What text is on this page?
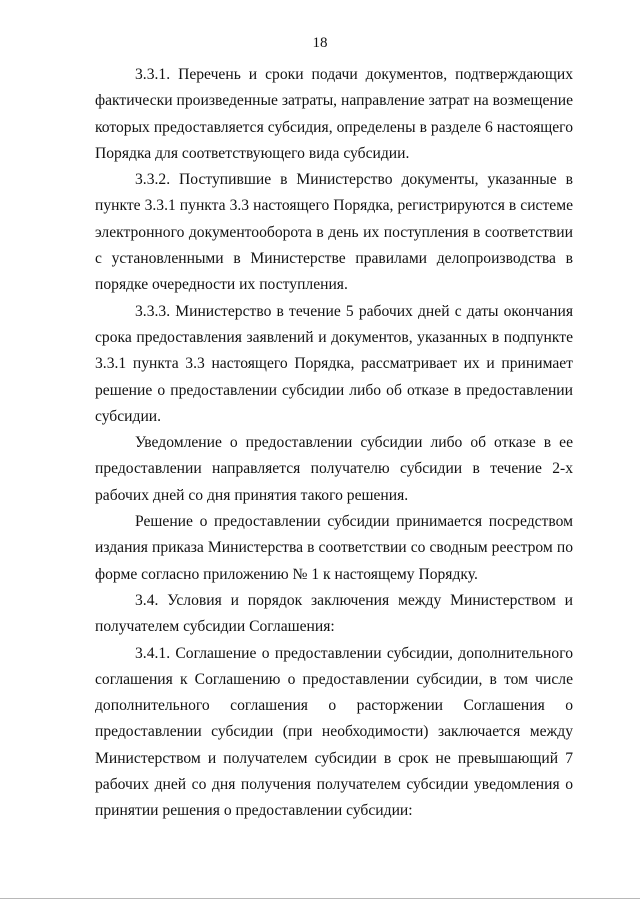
18

3.3.1. Перечень и сроки подачи документов, подтверждающих фактически произведенные затраты, направление затрат на возмещение которых предоставляется субсидия, определены в разделе 6 настоящего Порядка для соответствующего вида субсидии.

3.3.2. Поступившие в Министерство документы, указанные в пункте 3.3.1 пункта 3.3 настоящего Порядка, регистрируются в системе электронного документооборота в день их поступления в соответствии с установленными в Министерстве правилами делопроизводства в порядке очередности их поступления.

3.3.3. Министерство в течение 5 рабочих дней с даты окончания срока предоставления заявлений и документов, указанных в подпункте 3.3.1 пункта 3.3 настоящего Порядка, рассматривает их и принимает решение о предоставлении субсидии либо об отказе в предоставлении субсидии.

Уведомление о предоставлении субсидии либо об отказе в ее предоставлении направляется получателю субсидии в течение 2-х рабочих дней со дня принятия такого решения.

Решение о предоставлении субсидии принимается посредством издания приказа Министерства в соответствии со сводным реестром по форме согласно приложению № 1 к настоящему Порядку.

3.4. Условия и порядок заключения между Министерством и получателем субсидии Соглашения:

3.4.1. Соглашение о предоставлении субсидии, дополнительного соглашения к Соглашению о предоставлении субсидии, в том числе дополнительного соглашения о расторжении Соглашения о предоставлении субсидии (при необходимости) заключается между Министерством и получателем субсидии в срок не превышающий 7 рабочих дней со дня получения получателем субсидии уведомления о принятии решения о предоставлении субсидии:
